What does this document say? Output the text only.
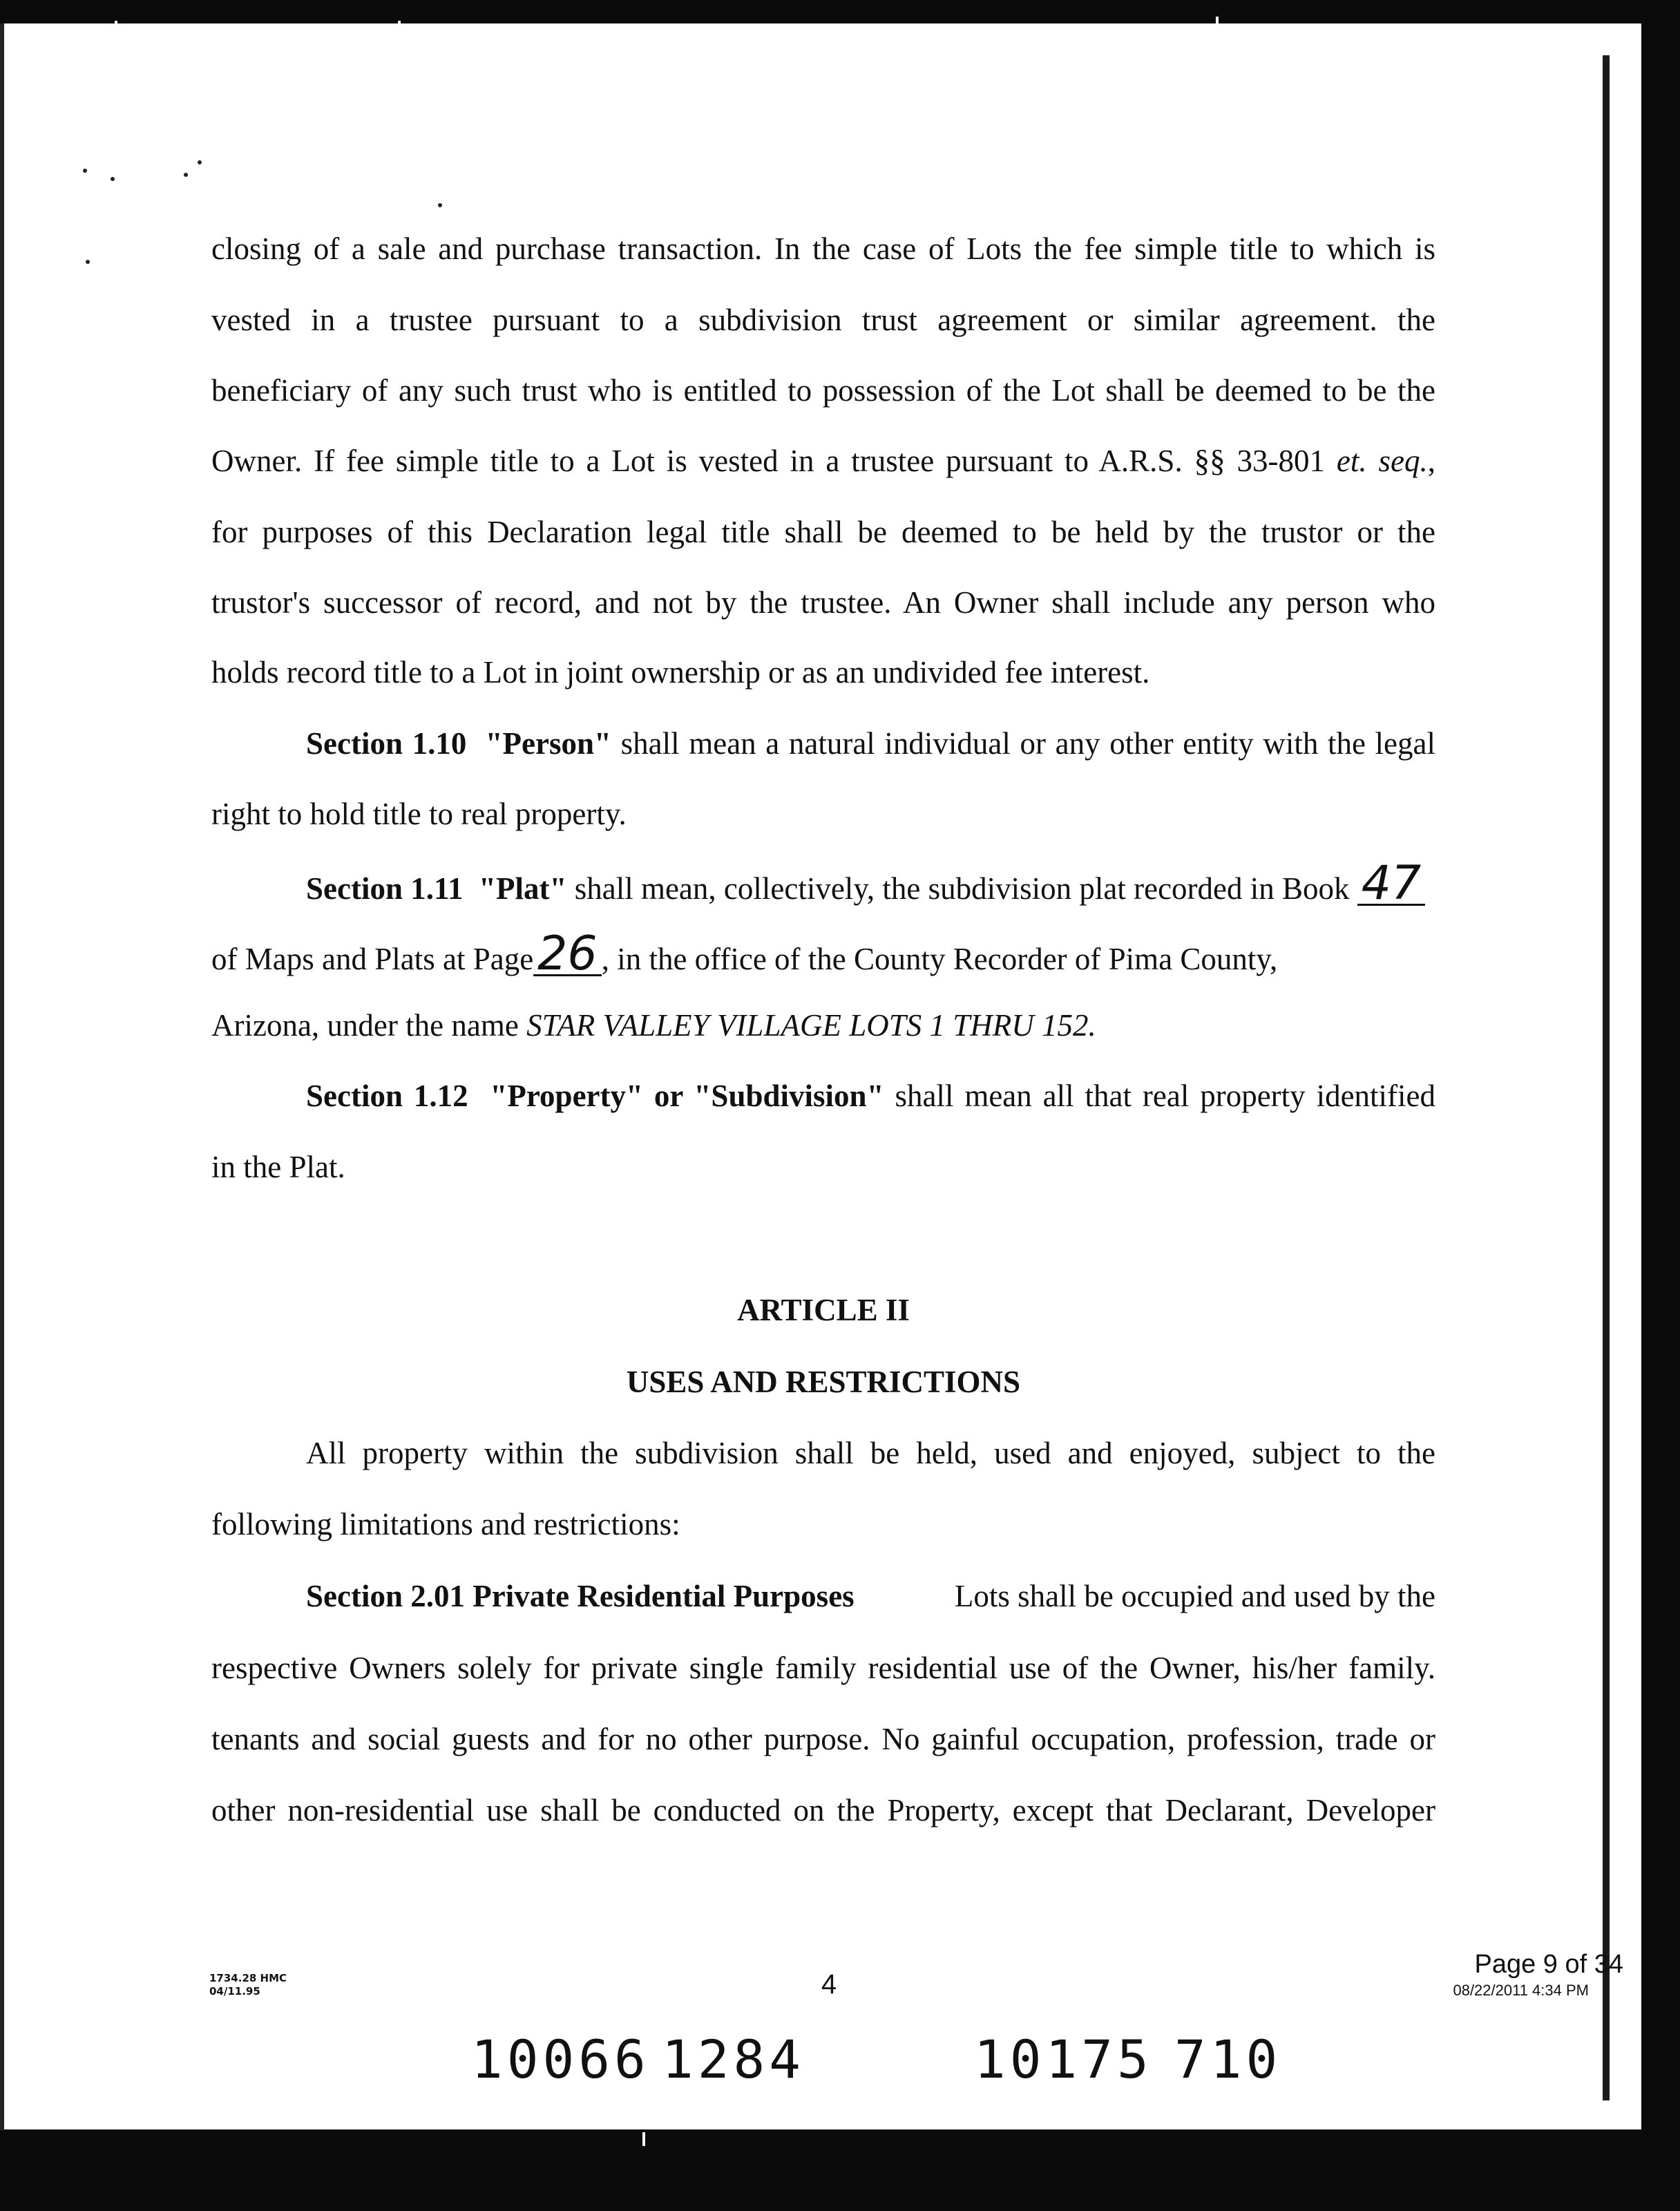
closing of a sale and purchase transaction. In the case of Lots the fee simple title to which is
vested in a trustee pursuant to a subdivision trust agreement or similar agreement. the
beneficiary of any such trust who is entitled to possession of the Lot shall be deemed to be the
Owner. If fee simple title to a Lot is vested in a trustee pursuant to A.R.S. §§ 33-801 et. seq.,
for purposes of this Declaration legal title shall be deemed to be held by the trustor or the
trustor's successor of record, and not by the trustee. An Owner shall include any person who
holds record title to a Lot in joint ownership or as an undivided fee interest.
Section 1.10 "Person" shall mean a natural individual or any other entity with the legal
right to hold title to real property.
Section 1.11 "Plat" shall mean, collectively, the subdivision plat recorded in Book 47
of Maps and Plats at Page26 , in the office of the County Recorder of Pima County,
Arizona, under the name STAR VALLEY VILLAGE LOTS 1 THRU 152.
Section 1.12 "Property" or "Subdivision" shall mean all that real property identified
in the Plat.
ARTICLE II
USES AND RESTRICTIONS
All property within the subdivision shall be held, used and enjoyed, subject to the
following limitations and restrictions:
Section 2.01 Private Residential Purposes	Lots shall be occupied and used by the
respective Owners solely for private single family residential use of the Owner, his/her family.
tenants and social guests and for no other purpose. No gainful occupation, profession, trade or
other non-residential use shall be conducted on the Property, except that Declarant, Developer
1734.28 HMC
04/11.95	4
Page 9 of 34
08/22/2011 4:34 PM
10066 1284	10175 710
